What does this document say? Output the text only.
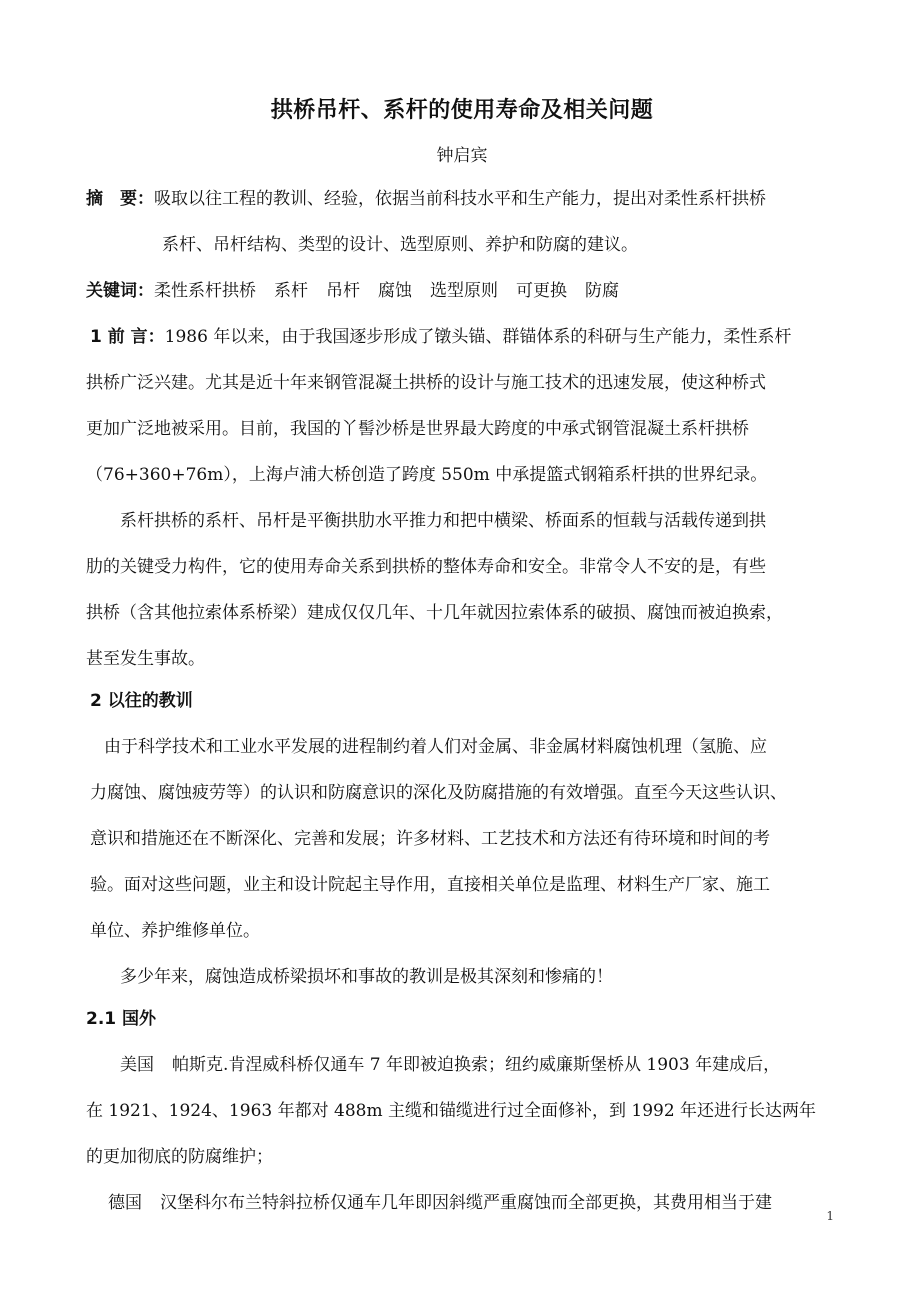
拱桥吊杆、系杆的使用寿命及相关问题
钟启宾
摘　要：吸取以往工程的教训、经验，依据当前科技水平和生产能力，提出对柔性系杆拱桥
系杆、吊杆结构、类型的设计、选型原则、养护和防腐的建议。
关键词：柔性系杆拱桥 系杆 吊杆 腐蚀 选型原则 可更换 防腐
1 前 言：1986 年以来，由于我国逐步形成了镦头锚、群锚体系的科研与生产能力，柔性系杆
拱桥广泛兴建。尤其是近十年来钢管混凝土拱桥的设计与施工技术的迅速发展，使这种桥式
更加广泛地被采用。目前，我国的丫髻沙桥是世界最大跨度的中承式钢管混凝土系杆拱桥
（76+360+76m），上海卢浦大桥创造了跨度 550m 中承提篮式钢箱系杆拱的世界纪录。
系杆拱桥的系杆、吊杆是平衡拱肋水平推力和把中横梁、桥面系的恒载与活载传递到拱
肋的关键受力构件，它的使用寿命关系到拱桥的整体寿命和安全。非常令人不安的是，有些
拱桥（含其他拉索体系桥梁）建成仅仅几年、十几年就因拉索体系的破损、腐蚀而被迫换索，
甚至发生事故。
2 以往的教训
由于科学技术和工业水平发展的进程制约着人们对金属、非金属材料腐蚀机理（氢脆、应
力腐蚀、腐蚀疲劳等）的认识和防腐意识的深化及防腐措施的有效增强。直至今天这些认识、
意识和措施还在不断深化、完善和发展；许多材料、工艺技术和方法还有待环境和时间的考
验。面对这些问题，业主和设计院起主导作用，直接相关单位是监理、材料生产厂家、施工
单位、养护维修单位。
多少年来，腐蚀造成桥梁损坏和事故的教训是极其深刻和惨痛的！
2.1 国外
美国 帕斯克.肯涅威科桥仅通车 7 年即被迫换索；纽约威廉斯堡桥从 1903 年建成后，
在 1921、1924、1963 年都对 488m 主缆和锚缆进行过全面修补，到 1992 年还进行长达两年
的更加彻底的防腐维护；
德国 汉堡科尔布兰特斜拉桥仅通车几年即因斜缆严重腐蚀而全部更换，其费用相当于建
1
